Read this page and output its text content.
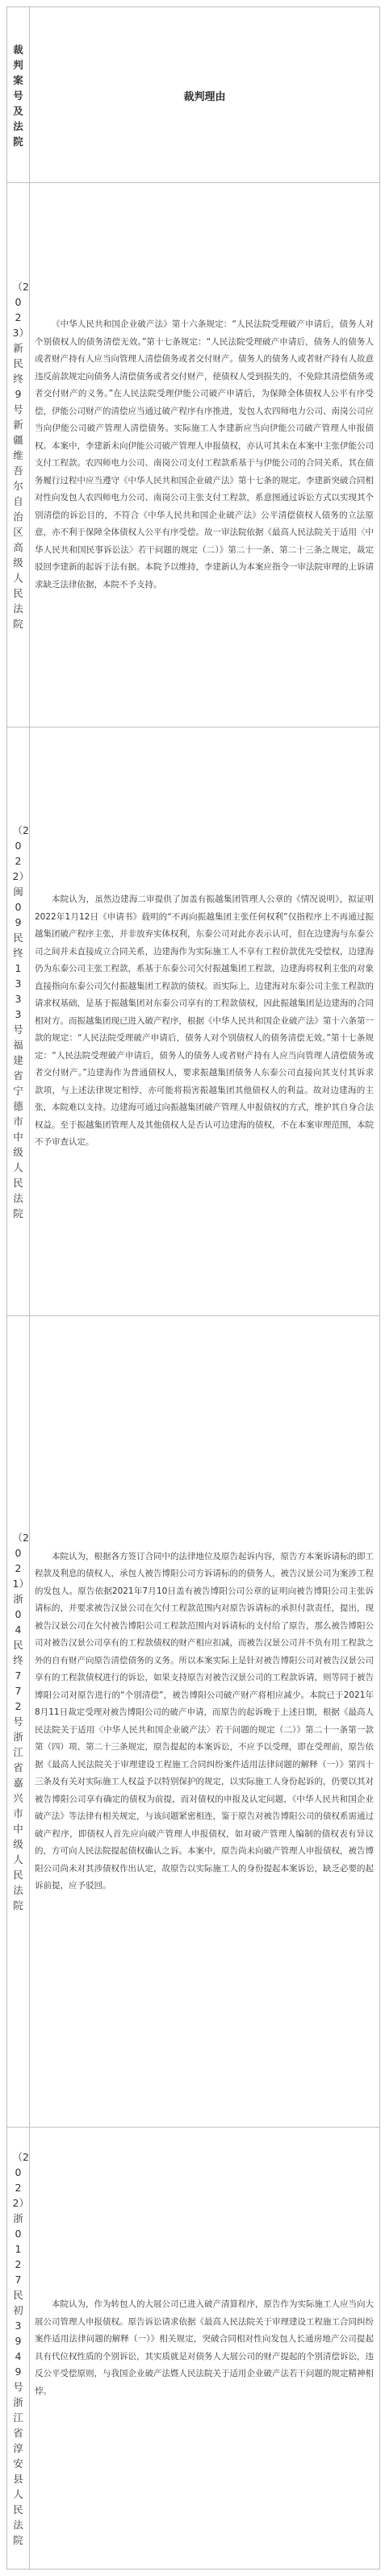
裁判案号及法院
裁判理由
（2023）新民终9号 新疆维吾尔自治区高级人民法院

《中华人民共和国企业破产法》第十六条规定：“人民法院受理破产申请后，债务人对个别债权人的债务清偿无效。”第十七条规定：“人民法院受理破产申请后，债务人的债务人或者财产持有人应当向管理人清偿债务或者交付财产。债务人的债务人或者财产持有人故意违反前款规定向债务人清偿债务或者交付财产，使债权人受到损失的，不免除其清偿债务或者交付财产的义务。”在人民法院受理伊能公司破产申请后，为保障全体债权人公平有序受偿，伊能公司财产的清偿应当通过破产程序有序推进，发包人农四师电力公司、南岗公司应当向伊能公司破产管理人清偿债务。实际施工人李建新应当向伊能公司破产管理人申报债权。本案中，李建新未向伊能公司破产管理人申报债权，亦认可其未在本案中主张伊能公司支付工程款。农四师电力公司、南岗公司支付工程款系基于与伊能公司的合同关系，其在债务履行过程中应当遵守《中华人民共和国企业破产法》第十七条的规定。李建新突破合同相对性向发包人农四师电力公司、南岗公司主张支付工程款，系意图通过诉讼方式以实现其个别清偿的诉讼目的，不符合《中华人民共和国企业破产法》公平清偿债权人债务的立法原意，亦不利于保障全体债权人公平有序受偿。故一审法院依据《最高人民法院关于适用〈中华人民共和国民事诉讼法〉若干问题的规定（二）》第二十一条、第二十三条之规定，裁定驳回李建新的起诉于法有据。本院予以维持，李建新认为本案应指令一审法院审理的上诉请求缺乏法律依据，本院不予支持。

（2022）闽09民终1333号 福建省宁德市中级人民法院

本院认为，虽然边建海二审提供了加盖有振越集团管理人公章的《情况说明》，拟证明2022年1月12日《申请书》载明的“不再向振越集团主张任何权利”仅指程序上不再通过振越集团破产程序主张，并非放弃实体权利，东泰公司对此亦表示认可，但在边建海与东泰公司之间并未直接成立合同关系，边建海作为实际施工人不享有工程价款优先受偿权，边建海仍为东泰公司主张工程款，系基于东泰公司欠付振越集团工程款，边建海将权利主张的对象直接指向东泰公司欠付振越集团工程款的债权。而实际上，边建海对东泰公司主张工程款的请求权基础，是基于振越集团对东泰公司享有的工程款债权，因此振越集团是边建海的合同相对方。而振越集团现已进入破产程序，根据《中华人民共和国企业破产法》第十六条第一款的规定：“人民法院受理破产申请后，债务人对个别债权人的债务清偿无效。”第十七条规定：“人民法院受理破产申请后，债务人的债务人或者财产持有人应当向管理人清偿债务或者交付财产。”边建海作为普通债权人，要求振越集团债务人东泰公司直接向其支付其诉求款项，与上述法律规定相悖，亦可能将损害振越集团其他债权人的利益。故对边建海的主张，本院难以支持。边建海可通过向振越集团破产管理人申报债权的方式，维护其自身合法权益。至于振越集团管理人及其他债权人是否认可边建海的债权，不在本案审理范围，本院不予审查认定。

（2021）浙04民终772号 浙江省嘉兴市中级人民法院

本院认为，根据各方签订合同中的法律地位及原告起诉内容，原告方本案诉请标的即工程款及利息的债权人，承包人被告博阳公司方诉请标的的债务人，被告汉景公司为案涉工程的发包人。原告依据2021年7月10日盖有被告博阳公司公章的证明向被告博阳公司主张诉请标的，并要求被告汉景公司在欠付工程款范围内对原告诉请标的承担付款责任，提出，现被告汉景公司在欠付被告博阳公司工程款范围内对诉请标的支付给了原告，那么被告博阳公司对被告汉景公司享有的工程款债权的财产相应扣减，而被告汉景公司并不负有用工程款之外的自有财产向原告清偿债务的义务。所以本案实际上是针对被告博阳公司对被告汉景公司享有的工程款债权进行的诉讼，如果支持原告对被告汉景公司的工程款诉请，则等同于被告博阳公司对原告进行的“个别清偿”，被告博阳公司破产财产将相应减少。本院已于2021年8月11日裁定受理对被告博阳公司的破产申请，而原告的起诉晚于上述日期，根据《最高人民法院关于适用〈中华人民共和国企业破产法〉若干问题的规定（二）》第二十一条第一款第（四）项、第二十三条规定，原告提起的本案诉讼，不应予以受理，即在受理前，原告依据《最高人民法院关于审理建设工程施工合同纠纷案件适用法律问题的解释（一）》第四十三条及有关对实际施工人权益予以特别保护的规定，以实际施工人身份起诉的，仍要以其对被告博阳公司享有确定的债权为前提，而对债权的申报及认定问题，《中华人民共和国企业破产法》等法律有相关规定，与该问题紧密相连，鉴于原告对被告博阳公司的债权系需通过破产程序，即债权人首先应向破产管理人申报债权，如对破产管理人编制的债权表有异议的，方可向人民法院提起债权确认之诉。本案中，原告尚未向破产管理人申报债权，被告博阳公司尚未对其涉债权作出认定，故原告以实际施工人的身份提起本案诉讼，缺乏必要的起诉前提，应予驳回。

（2022）浙0127民初3949号 浙江省淳安县人民法院

本院认为，作为转包人的大展公司已进入破产清算程序，原告作为实际施工人应当向大展公司管理人申报债权。原告诉讼请求依据《最高人民法院关于审理建设工程施工合同纠纷案件适用法律问题的解释（一）》相关规定，突破合同相对性向发包人长通房地产公司提起具有代位权性质的个别诉讼，其实质就是对债务人大展公司的财产提起的个别清偿诉讼，违反公平受偿原则，与我国企业破产法暨人民法院关于适用企业破产法若干问题的规定精神相悖。
